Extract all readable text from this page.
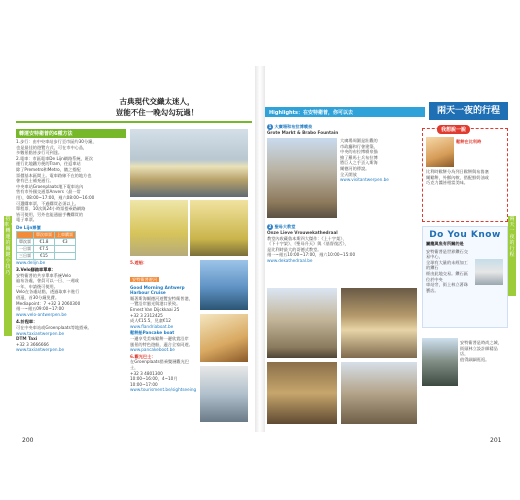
古典現代交織太迷人，
豈能不住一晚勾勾玩過！
轉運安特衛普的6種方法
1.步行：由中央車站步行至市區約30分鐘，
也是最佳的遊覽方式，可在市中心品，
多數景點皆步行可到達。
2.電車：市區電車De Lijn網路系統，班次
運行比地鐵方便的Tram，往返車站
除了Premetro和Metro，隨之搭配
票價基本區間上。電車路線不在的地方也
會有巴士補充通行。
中央車站Groenplaats地下電車站內
售有市外國交通票Anvers（最一常
用），08:00~17:00，週六08:00~16:00
可選購車票，不過購買必須以上。
單程票、10次與24小時票搭乘路網路
皆可使用，另外也能通過手機購買的
電子車票。
De Lijn票價
	單次車票	上車購票
單次票	€1.8	€3
一日票	€7.5	
三日票	€15	
www.delijn.be
3.Velo腳踏車單車：
安特衛普的共享單車系統Velo
遍布各處，會員可以一日、一週或
一年，申請後可使用。
Velo在各處站點，透過取車卡進行
借還，首30分鐘免費。
Mediapoint：7 +32 3 2060300
週一~週五09:00~17:00
www.velo-antwerpen.be
4.計程車：
可在中央車站或Groenplaats等地搭乘。
www.taxiantwerpen.be
DTM Taxi
+32 3 3666666
www.taxiantwerpen.be
5.遊船：
安特衛普遊河
Good Morning Antwerp Harbour Cruise
順著斯海爾德河遊覽安特衛普港，
一覽沿岸風光與港口景致。
Ernest Van Dijckkaai 25
+32 3 2312425
成人€15.5，兒童€12
www.flandriaboat.be
鬆餅船Pancake boat
一邊享受美味鬆餅一邊欣賞沿岸
風景的特色遊船，適合全家同遊。
www.pancakeboot.be
6.觀光巴士：
在Groenplaats搭乘雙層觀光巴士，
+32 3 4801300
10:00~16:00，4~10月10:00~17:00
www.tourisment.be/sightseeing
搭車・轉運的關鍵小技巧
Highlights：在安特衛普，你可以去	兩天一夜的行程
1 大廣場和布拉博噴泉
Grote Markt & Brabo Fountain
大廣場周圍是壯觀的
市政廳和行會建築，
中央的布拉博噴泉描
繪了羅馬士兵布拉博
將巨人之手丟入斯海
爾德河的傳說。
全天開放
www.visitantwerpen.be
我想說一說
鬆餅在比利時
比利時鬆餅分為列日鬆餅與布魯塞
爾鬆餅，外酥內軟，搭配鮮奶油或
巧克力醬皆相當美味。
2 聖母大教堂
Onze Lieve Vrouwekathedraal
教堂內收藏魯本斯四大傑作：《上十字架》、
《下十字架》、《聖母升天》與《基督復活》，
是比利時最大的哥德式教堂。
週一~週五10:00~17:00，週六10:00~15:00
www.dekathedraal.be
Do You Know
屬龍與魚有所關的是
安特衛普是世界鑽石交易中心，
全球有大量的未經加工的鑽石
經由此地交易。鑽石區位於中央
車站旁，街上林立著珠寶店。
安特衛普是時尚之城，
街頭林立設計師精品店，
值得細細逛逛。
兩天一夜的行程
200	201
